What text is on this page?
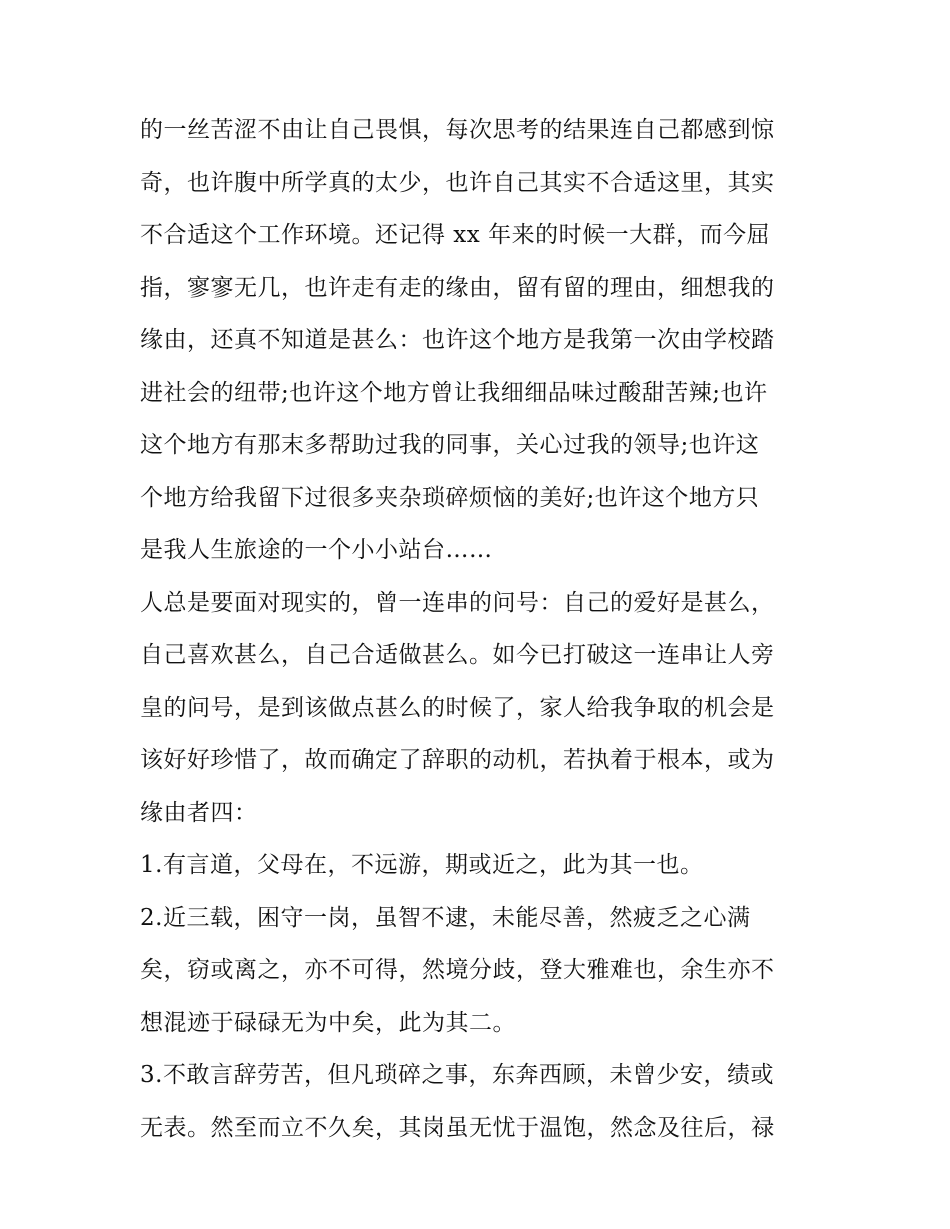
的一丝苦涩不由让自己畏惧，每次思考的结果连自己都感到惊
奇，也许腹中所学真的太少，也许自己其实不合适这里，其实
不合适这个工作环境。还记得 xx 年来的时候一大群，而今屈
指，寥寥无几，也许走有走的缘由，留有留的理由，细想我的
缘由，还真不知道是甚么：也许这个地方是我第一次由学校踏
进社会的纽带;也许这个地方曾让我细细品味过酸甜苦辣;也许
这个地方有那末多帮助过我的同事，关心过我的领导;也许这
个地方给我留下过很多夹杂琐碎烦恼的美好;也许这个地方只
是我人生旅途的一个小小站台……
人总是要面对现实的，曾一连串的问号：自己的爱好是甚么，
自己喜欢甚么，自己合适做甚么。如今已打破这一连串让人旁
皇的问号，是到该做点甚么的时候了，家人给我争取的机会是
该好好珍惜了，故而确定了辞职的动机，若执着于根本，或为
缘由者四：
1.有言道，父母在，不远游，期或近之，此为其一也。
2.近三载，困守一岗，虽智不逮，未能尽善，然疲乏之心满
矣，窃或离之，亦不可得，然境分歧，登大雅难也，余生亦不
想混迹于碌碌无为中矣，此为其二。
3.不敢言辞劳苦，但凡琐碎之事，东奔西顾，未曾少安，绩或
无表。然至而立不久矣，其岗虽无忧于温饱，然念及往后，禄
